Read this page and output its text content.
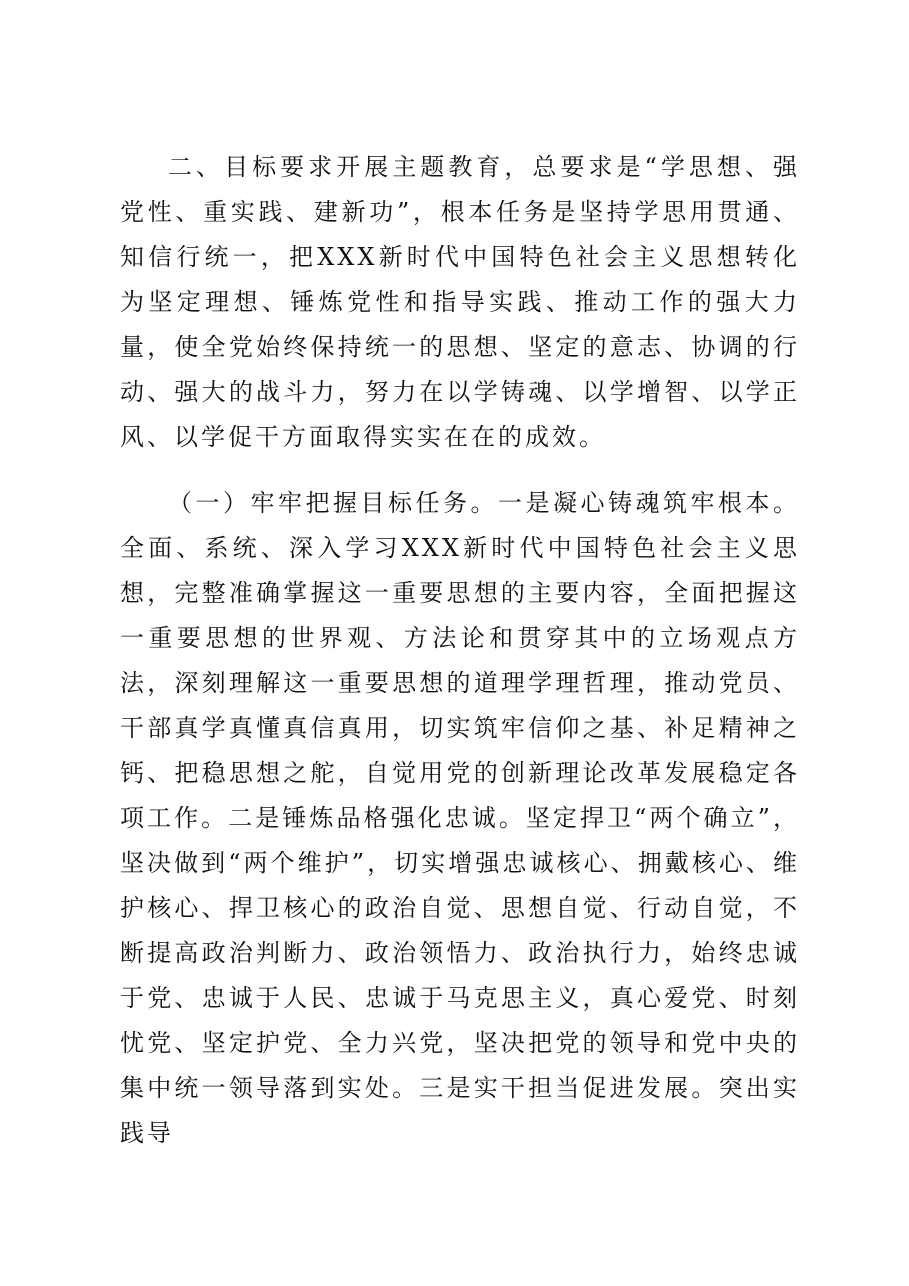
二、目标要求开展主题教育，总要求是“学思想、强党性、重实践、建新功”，根本任务是坚持学思用贯通、知信行统一，把XXX新时代中国特色社会主义思想转化为坚定理想、锤炼党性和指导实践、推动工作的强大力量，使全党始终保持统一的思想、坚定的意志、协调的行动、强大的战斗力，努力在以学铸魂、以学增智、以学正风、以学促干方面取得实实在在的成效。

（一）牢牢把握目标任务。一是凝心铸魂筑牢根本。全面、系统、深入学习XXX新时代中国特色社会主义思想，完整准确掌握这一重要思想的主要内容，全面把握这一重要思想的世界观、方法论和贯穿其中的立场观点方法，深刻理解这一重要思想的道理学理哲理，推动党员、干部真学真懂真信真用，切实筑牢信仰之基、补足精神之钙、把稳思想之舵，自觉用党的创新理论改革发展稳定各项工作。二是锤炼品格强化忠诚。坚定捍卫“两个确立”，坚决做到“两个维护”，切实增强忠诚核心、拥戴核心、维护核心、捍卫核心的政治自觉、思想自觉、行动自觉，不断提高政治判断力、政治领悟力、政治执行力，始终忠诚于党、忠诚于人民、忠诚于马克思主义，真心爱党、时刻忧党、坚定护党、全力兴党，坚决把党的领导和党中央的集中统一领导落到实处。三是实干担当促进发展。突出实践导
